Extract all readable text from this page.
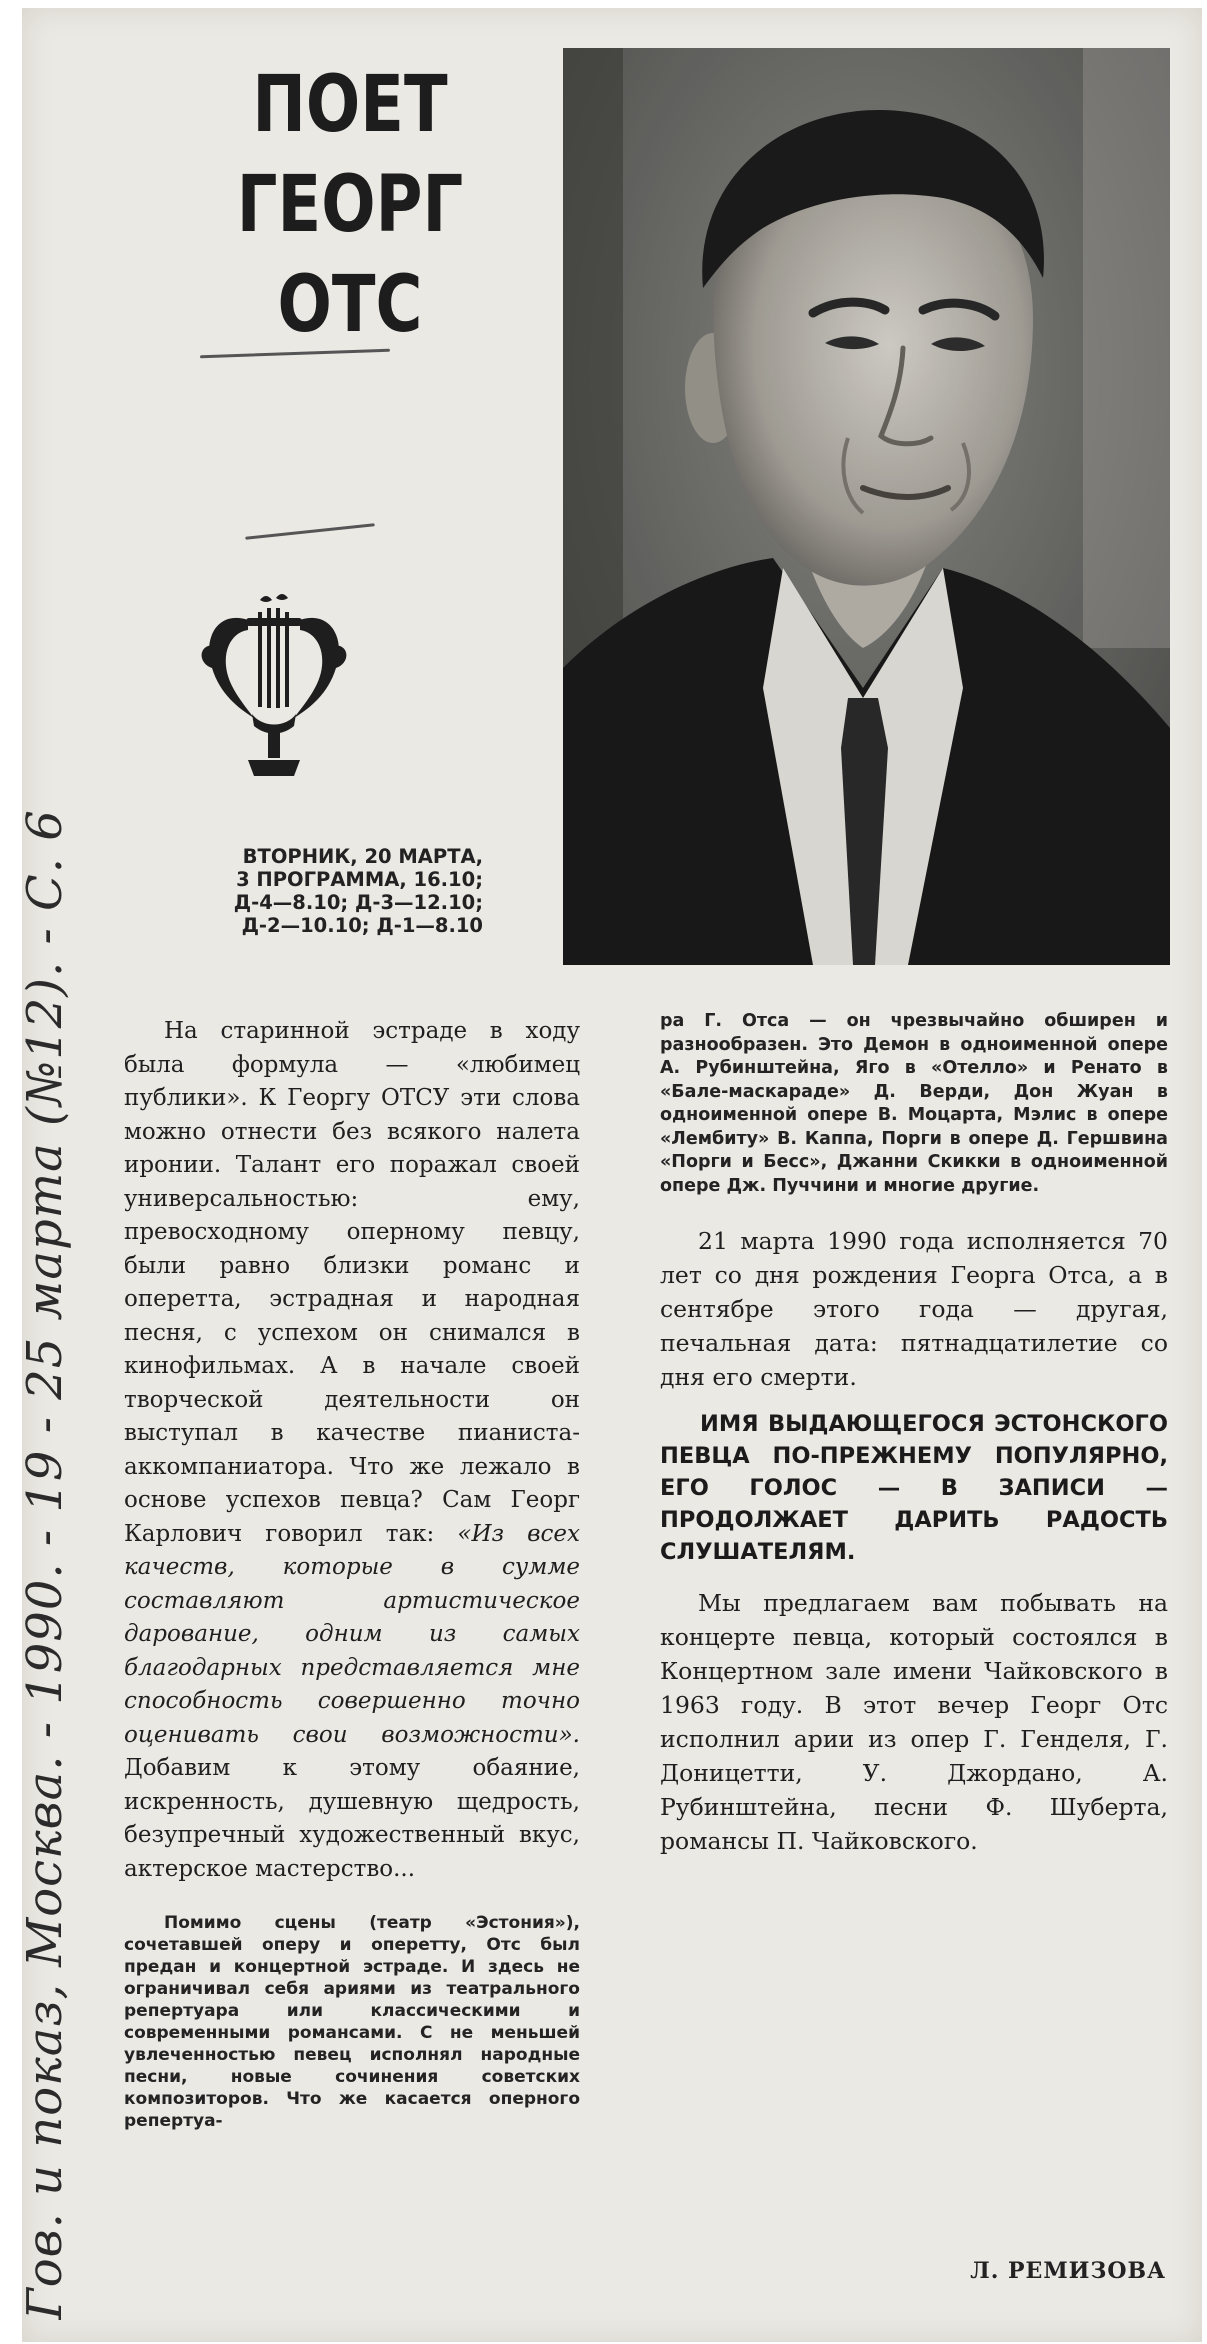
Гов. и показ, Москва. - 1990. - 19 - 25 марта (№12). - С. 6
ПОЕТ
ГЕОРГ
ОТС
ВТОРНИК, 20 МАРТА,
3 ПРОГРАММА, 16.10;
Д-4—8.10; Д-3—12.10;
Д-2—10.10; Д-1—8.10

На старинной эстраде в ходу была формула — «любимец публики». К Георгу ОТСУ эти слова можно отнести без всякого налета иронии. Талант его поражал своей универсальностью: ему, превосходному оперному певцу, были равно близки романс и оперетта, эстрадная и народная песня, с успехом он снимался в кинофильмах. А в начале своей творческой деятельности он выступал в качестве пианиста-аккомпаниатора. Что же лежало в основе успехов певца? Сам Георг Карлович говорил так: «Из всех качеств, которые в сумме составляют артистическое дарование, одним из самых благодарных представляется мне способность совершенно точно оценивать свои возможности». Добавим к этому обаяние, искренность, душевную щедрость, безупречный художественный вкус, актерское мастерство...

Помимо сцены (театр «Эстония»), сочетавшей оперу и оперетту, Отс был предан и концертной эстраде. И здесь не ограничивал себя ариями из театрального репертуара или классическими и современными романсами. С не меньшей увлеченностью певец исполнял народные песни, новые сочинения советских композиторов. Что же касается оперного репертуа-

ра Г. Отса — он чрезвычайно обширен и разнообразен. Это Демон в одноименной опере А. Рубинштейна, Яго в «Отелло» и Ренато в «Бале-маскараде» Д. Верди, Дон Жуан в одноименной опере В. Моцарта, Мэлис в опере «Лембиту» В. Каппа, Порги в опере Д. Гершвина «Порги и Бесс», Джанни Скикки в одноименной опере Дж. Пуччини и многие другие.

21 марта 1990 года исполняется 70 лет со дня рождения Георга Отса, а в сентябре этого года — другая, печальная дата: пятнадцатилетие со дня его смерти.

ИМЯ ВЫДАЮЩЕГОСЯ ЭСТОНСКОГО ПЕВЦА ПО-ПРЕЖНЕМУ ПОПУЛЯРНО, ЕГО ГОЛОС — В ЗАПИСИ — ПРОДОЛЖАЕТ ДАРИТЬ РАДОСТЬ СЛУШАТЕЛЯМ.

Мы предлагаем вам побывать на концерте певца, который состоялся в Концертном зале имени Чайковского в 1963 году. В этот вечер Георг Отс исполнил арии из опер Г. Генделя, Г. Доницетти, У. Джордано, А. Рубинштейна, песни Ф. Шуберта, романсы П. Чайковского.

Л. РЕМИЗОВА
